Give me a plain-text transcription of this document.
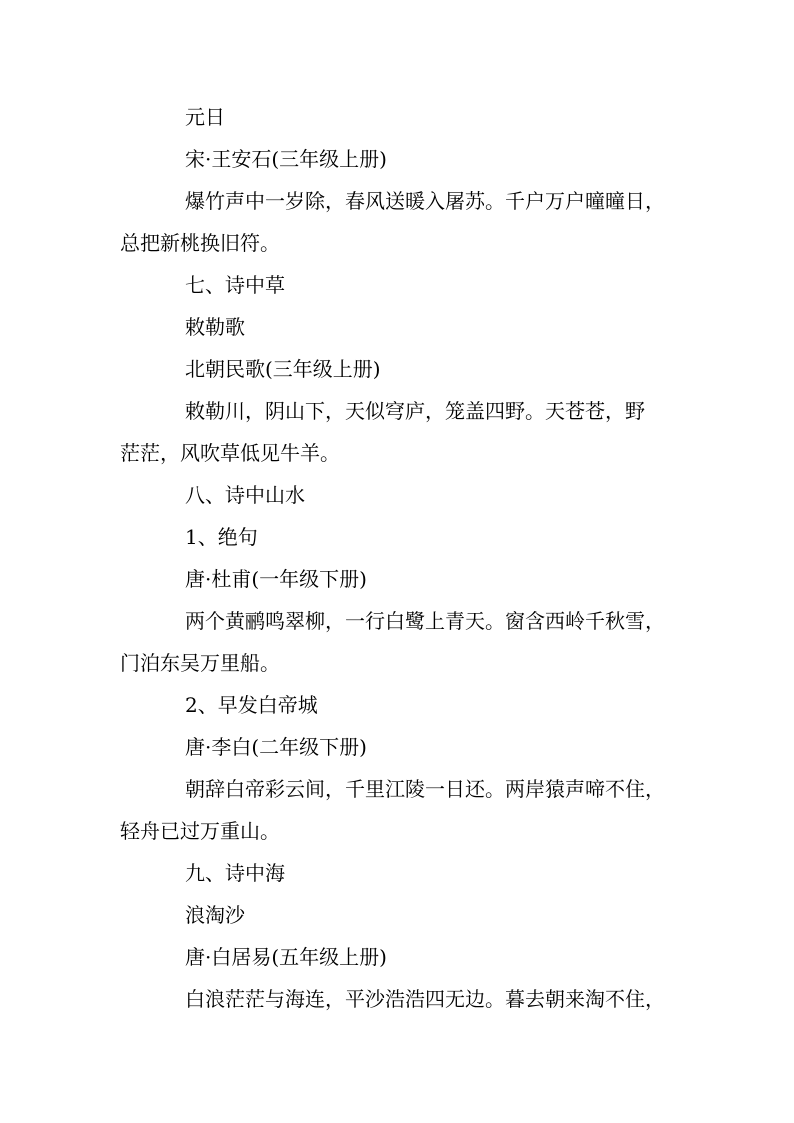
元日
宋·王安石(三年级上册)
爆竹声中一岁除，春风送暖入屠苏。千户万户曈曈日，
总把新桃换旧符。
七、诗中草
敕勒歌
北朝民歌(三年级上册)
敕勒川，阴山下，天似穹庐，笼盖四野。天苍苍，野
茫茫，风吹草低见牛羊。
八、诗中山水
1、绝句
唐·杜甫(一年级下册)
两个黄鹂鸣翠柳，一行白鹭上青天。窗含西岭千秋雪，
门泊东吴万里船。
2、早发白帝城
唐·李白(二年级下册)
朝辞白帝彩云间，千里江陵一日还。两岸猿声啼不住，
轻舟已过万重山。
九、诗中海
浪淘沙
唐·白居易(五年级上册)
白浪茫茫与海连，平沙浩浩四无边。暮去朝来淘不住，
